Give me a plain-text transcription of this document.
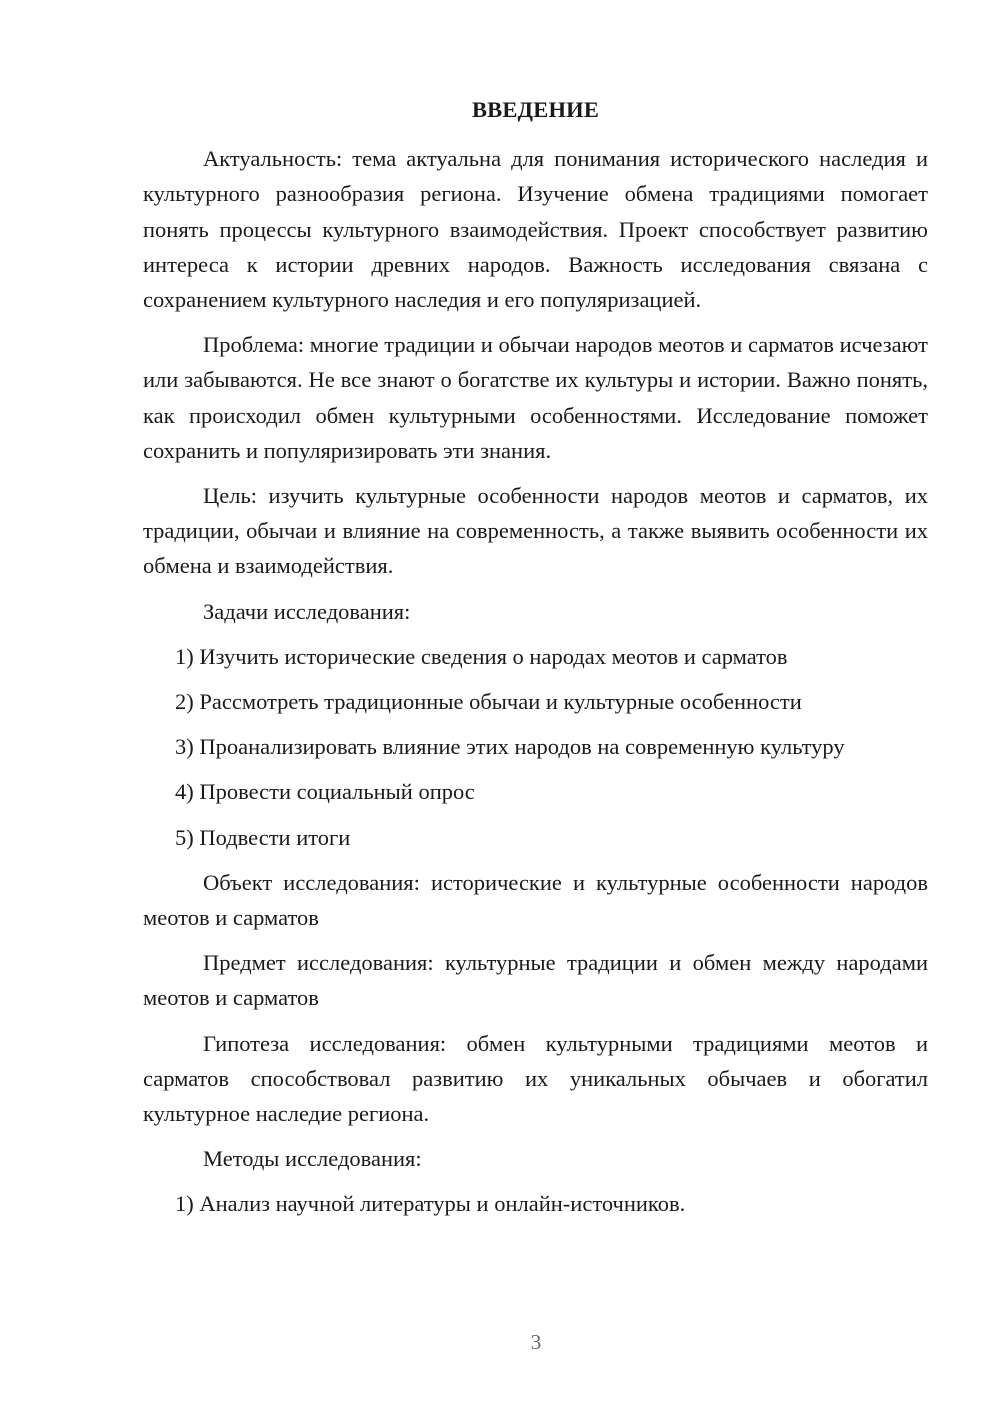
ВВЕДЕНИЕ

Актуальность: тема актуальна для понимания исторического наследия и культурного разнообразия региона. Изучение обмена традициями помогает понять процессы культурного взаимодействия. Проект способствует развитию интереса к истории древних народов. Важность исследования связана с сохранением культурного наследия и его популяризацией.

Проблема: многие традиции и обычаи народов меотов и сарматов исчезают или забываются. Не все знают о богатстве их культуры и истории. Важно понять, как происходил обмен культурными особенностями. Исследование поможет сохранить и популяризировать эти знания.

Цель: изучить культурные особенности народов меотов и сарматов, их традиции, обычаи и влияние на современность, а также выявить особенности их обмена и взаимодействия.

Задачи исследования:
1) Изучить исторические сведения о народах меотов и сарматов
2) Рассмотреть традиционные обычаи и культурные особенности
3) Проанализировать влияние этих народов на современную культуру
4) Провести социальный опрос
5) Подвести итоги

Объект исследования: исторические и культурные особенности народов меотов и сарматов

Предмет исследования: культурные традиции и обмен между народами меотов и сарматов

Гипотеза исследования: обмен культурными традициями меотов и сарматов способствовал развитию их уникальных обычаев и обогатил культурное наследие региона.

Методы исследования:
1) Анализ научной литературы и онлайн-источников.
3
